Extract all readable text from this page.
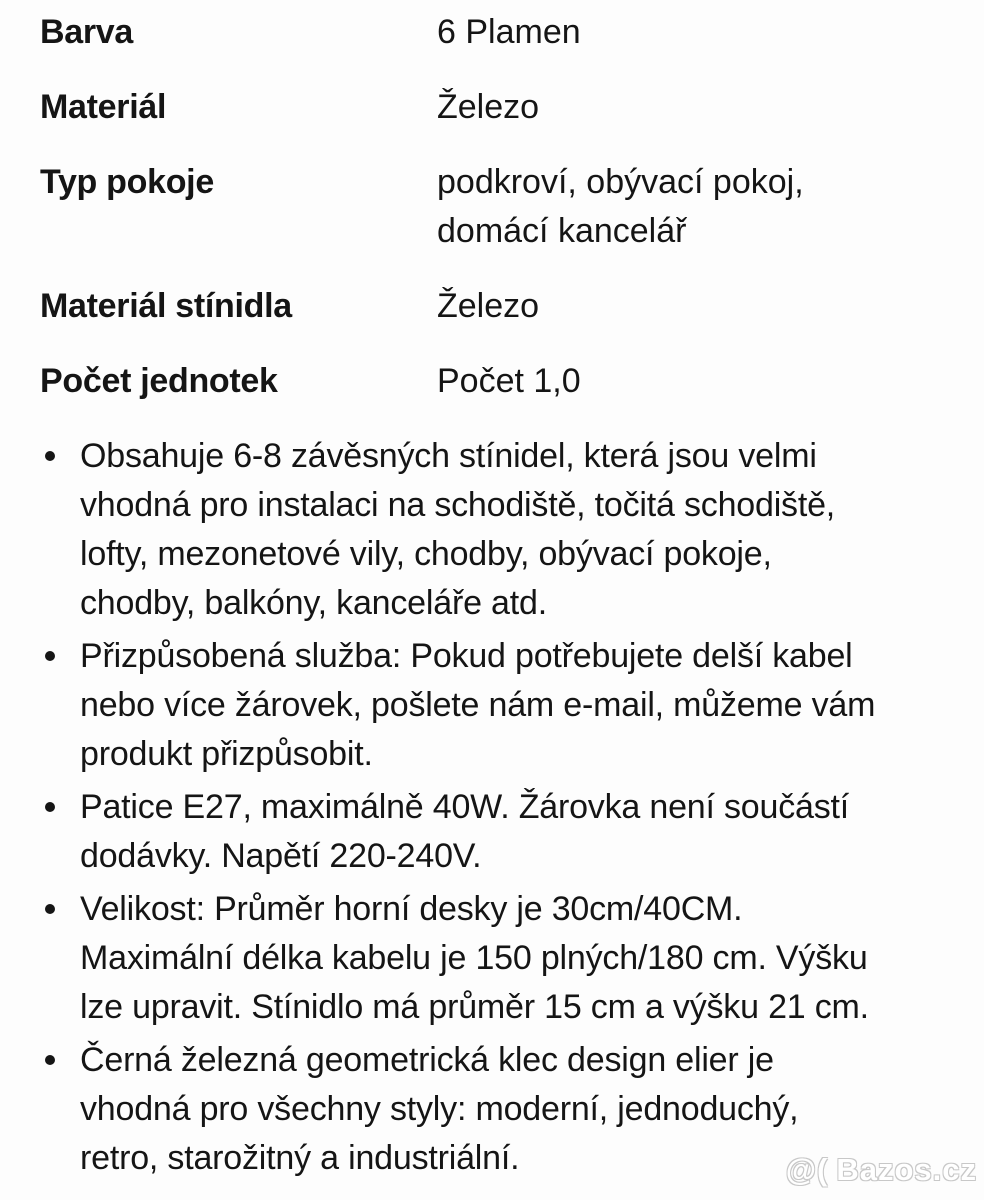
Barva	6 Plamen
Materiál	Železo
Typ pokoje	podkroví, obývací pokoj,
domácí kancelář
Materiál stínidla	Železo
Počet jednotek	Počet 1,0
Obsahuje 6-8 závěsných stínidel, která jsou velmi
vhodná pro instalaci na schodiště, točitá schodiště,
lofty, mezonetové vily, chodby, obývací pokoje,
chodby, balkóny, kanceláře atd.
Přizpůsobená služba: Pokud potřebujete delší kabel
nebo více žárovek, pošlete nám e-mail, můžeme vám
produkt přizpůsobit.
Patice E27, maximálně 40W. Žárovka není součástí
dodávky. Napětí 220-240V.
Velikost: Průměr horní desky je 30cm/40CM.
Maximální délka kabelu je 150 plných/180 cm. Výšku
lze upravit. Stínidlo má průměr 15 cm a výšku 21 cm.
Černá železná geometrická klec design elier je
vhodná pro všechny styly: moderní, jednoduchý,
retro, starožitný a industriální.	@( Bazos.cz
